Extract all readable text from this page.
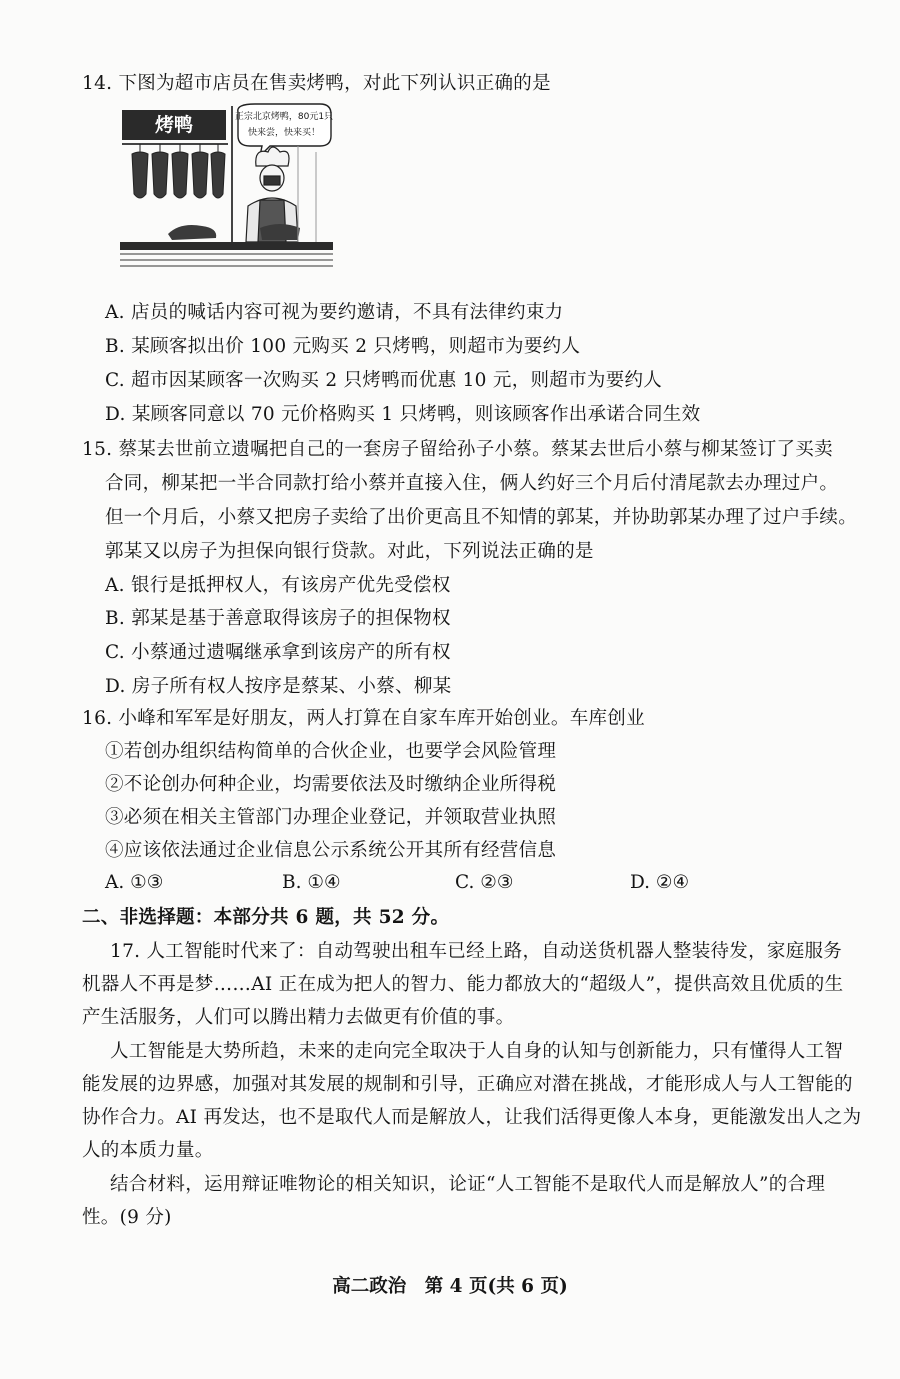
14. 下图为超市店员在售卖烤鸭，对此下列认识正确的是
烤鸭	正宗北京烤鸭，80元1只
快来尝，快来买！
A. 店员的喊话内容可视为要约邀请，不具有法律约束力
B. 某顾客拟出价 100 元购买 2 只烤鸭，则超市为要约人
C. 超市因某顾客一次购买 2 只烤鸭而优惠 10 元，则超市为要约人
D. 某顾客同意以 70 元价格购买 1 只烤鸭，则该顾客作出承诺合同生效
15. 蔡某去世前立遗嘱把自己的一套房子留给孙子小蔡。蔡某去世后小蔡与柳某签订了买卖
合同，柳某把一半合同款打给小蔡并直接入住，俩人约好三个月后付清尾款去办理过户。
但一个月后，小蔡又把房子卖给了出价更高且不知情的郭某，并协助郭某办理了过户手续。
郭某又以房子为担保向银行贷款。对此，下列说法正确的是
A. 银行是抵押权人，有该房产优先受偿权
B. 郭某是基于善意取得该房子的担保物权
C. 小蔡通过遗嘱继承拿到该房产的所有权
D. 房子所有权人按序是蔡某、小蔡、柳某
16. 小峰和军军是好朋友，两人打算在自家车库开始创业。车库创业
①若创办组织结构简单的合伙企业，也要学会风险管理
②不论创办何种企业，均需要依法及时缴纳企业所得税
③必须在相关主管部门办理企业登记，并领取营业执照
④应该依法通过企业信息公示系统公开其所有经营信息
A. ①③	B. ①④	C. ②③	D. ②④
二、非选择题：本部分共 6 题，共 52 分。
17. 人工智能时代来了：自动驾驶出租车已经上路，自动送货机器人整装待发，家庭服务
机器人不再是梦……AI 正在成为把人的智力、能力都放大的“超级人”，提供高效且优质的生
产生活服务，人们可以腾出精力去做更有价值的事。
人工智能是大势所趋，未来的走向完全取决于人自身的认知与创新能力，只有懂得人工智
能发展的边界感，加强对其发展的规制和引导，正确应对潜在挑战，才能形成人与人工智能的
协作合力。AI 再发达，也不是取代人而是解放人，让我们活得更像人本身，更能激发出人之为
人的本质力量。
结合材料，运用辩证唯物论的相关知识，论证“人工智能不是取代人而是解放人”的合理
性。(9 分)
高二政治　第 4 页(共 6 页)
